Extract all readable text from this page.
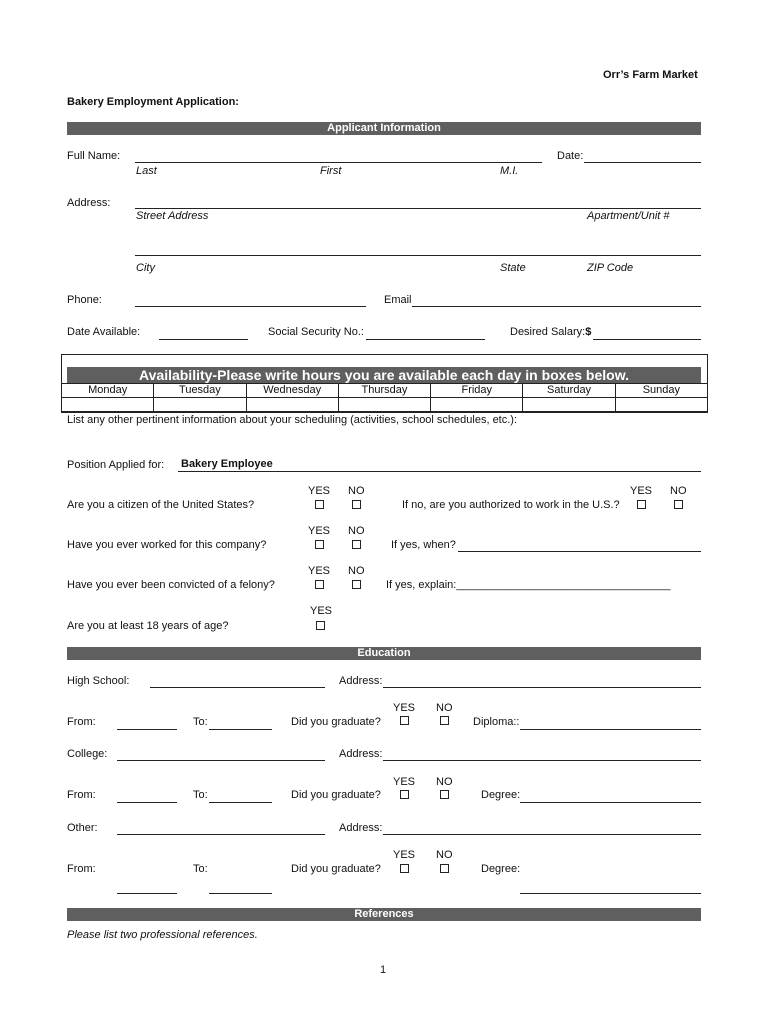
Orr’s Farm Market
Bakery Employment Application:
Applicant Information
Full Name:
Last	First	M.I.
Date:
Address:
Street Address	Apartment/Unit #
City	State	ZIP Code
Phone:	Email
Date Available:	Social Security No.:	Desired Salary:$
Availability-Please write hours you are available each day in boxes below.
Monday	Tuesday	Wednesday	Thursday	Friday	Saturday	Sunday

List any other pertinent information about your scheduling (activities, school schedules, etc.):
Position Applied for: Bakery Employee
YES NO
Are you a citizen of the United States?	If no, are you authorized to work in the U.S.?
YES NO
YES NO
Have you ever worked for this company?	If yes, when?
YES NO
Have you ever been convicted of a felony?	If yes, explain:___________________________________
YES
Are you at least 18 years of age?
Education
High School:	Address:
YES NO
From:	To:	Did you graduate?	Diploma::
College:	Address:
YES NO
From:	To:	Did you graduate?	Degree:
Other:	Address:
YES NO
From:	To:	Did you graduate?	Degree:
References
Please list two professional references.
1
